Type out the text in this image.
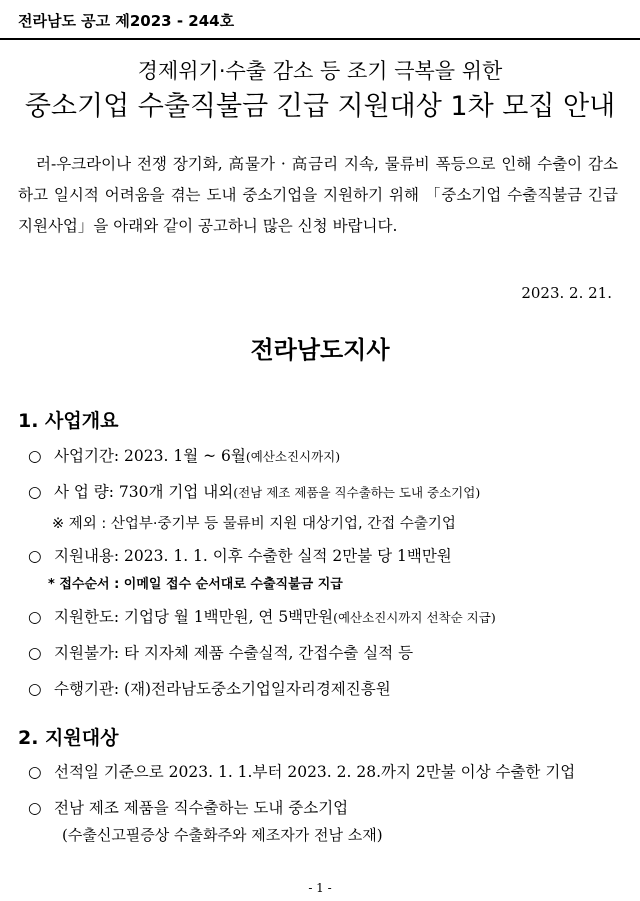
전라남도 공고 제2023 - 244호
경제위기·수출 감소 등 조기 극복을 위한
중소기업 수출직불금 긴급 지원대상 1차 모집 안내

러-우크라이나 전쟁 장기화, 高물가 · 高금리 지속, 물류비 폭등으로 인해 수출이 감소하고 일시적 어려움을 겪는 도내 중소기업을 지원하기 위해 「중소기업 수출직불금 긴급 지원사업」을 아래와 같이 공고하니 많은 신청 바랍니다.

2023. 2. 21.
전라남도지사
1. 사업개요
○ 사업기간: 2023. 1월 ~ 6월(예산소진시까지)
○ 사 업 량: 730개 기업 내외(전남 제조 제품을 직수출하는 도내 중소기업)
※ 제외 : 산업부·중기부 등 물류비 지원 대상기업, 간접 수출기업
○ 지원내용: 2023. 1. 1. 이후 수출한 실적 2만불 당 1백만원
* 접수순서 : 이메일 접수 순서대로 수출직불금 지급
○ 지원한도: 기업당 월 1백만원, 연 5백만원(예산소진시까지 선착순 지급)
○ 지원불가: 타 지자체 제품 수출실적, 간접수출 실적 등
○ 수행기관: (재)전라남도중소기업일자리경제진흥원
2. 지원대상
○ 선적일 기준으로 2023. 1. 1.부터 2023. 2. 28.까지 2만불 이상 수출한 기업
○ 전남 제조 제품을 직수출하는 도내 중소기업
(수출신고필증상 수출화주와 제조자가 전남 소재)
- 1 -
